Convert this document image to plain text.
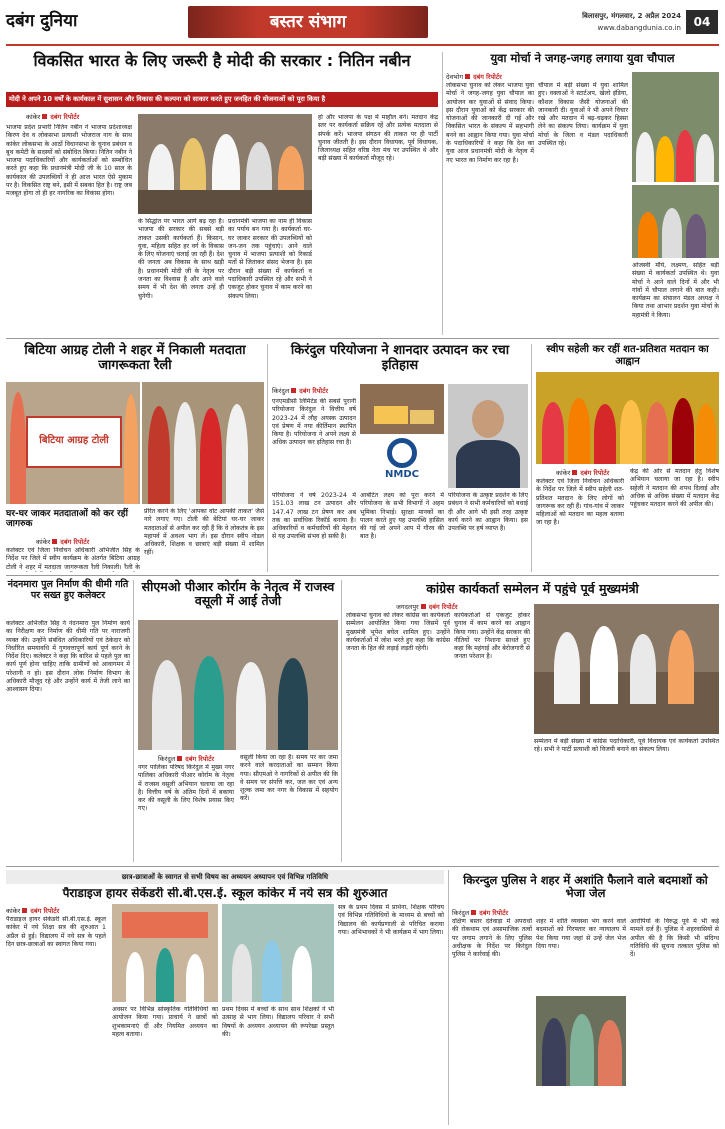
दबंग दुनिया	बस्तर संभाग	बिलासपुर, मंगलवार, 2 अप्रैल 2024
www.dabangdunia.co.in	04
विकसित भारत के लिए जरूरी है मोदी की सरकार : नितिन नबीन
मोदी ने अपने 10 वर्षों के कार्यकाल में सुशासन और विकास की कल्पना को साकार करते हुए जनहित की योजनाओं को पूरा किया है
कांकेर दबंग रिपोर्टर
भाजपा प्रदेश प्रभारी नितिन नबीन ने भाजपा प्रदेशाध्यक्ष किरण देव व लोकसभा प्रत्याशी भोजराज नाग के साथ कांकेर लोकसभा के आठों विधानसभा के चुनाव प्रबंधन व बूथ कमेटी के सदस्यों को संबोधित किया। नितिन नबीन ने भाजपा पदाधिकारियों और कार्यकर्ताओं को सम्बोधित करते हुए कहा कि प्रधानमंत्री मोदी जी के 10 साल के कार्यकाल की उपलब्धियों ने ही आज भारत ऐसे मुकाम पर है। विकसित राष्ट्र बने, इसी में सबका हित है। राष्ट्र जब मजबूत होगा तो ही हर नागरिक का विकास होगा।
के सिद्धांत पर भारत आगे बढ़ रहा है। भाजपा की सरकार की सबसे बड़ी ताकत उसकी कार्यकर्ता हैं। किसान, युवा, महिला सहित हर वर्ग के विकास के लिए योजनाएं चलाई जा रही हैं। देश की जनता अब विकास के साथ खड़ी है। प्रधानमंत्री मोदी जी के नेतृत्व पर जनता का विश्वास है और आने वाले समय में भी देश की जनता उन्हें ही चुनेगी।
प्रधानमंत्री भाजपा का नाम ही विकास का पर्याय बन गया है। कार्यकर्ता घर-घर जाकर सरकार की उपलब्धियों को जन-जन तक पहुंचाएं। आने वाले चुनाव में भाजपा प्रत्याशी को रिकार्ड मतों से जिताकर संसद भेजना है। इस दौरान बड़ी संख्या में कार्यकर्ता व पदाधिकारी उपस्थित रहे और सभी ने एकजुट होकर चुनाव में काम करने का संकल्प लिया।
हो और भाजपा के पक्ष में माहौल बने। मतदान केंद्र स्तर पर कार्यकर्ता सक्रिय रहें और प्रत्येक मतदाता से संपर्क करें। भाजपा संगठन की ताकत पर ही पार्टी चुनाव जीतती है। इस दौरान विधायक, पूर्व विधायक, जिलाध्यक्ष सहित वरिष्ठ नेता मंच पर उपस्थित थे और बड़ी संख्या में कार्यकर्ता मौजूद रहे।
युवा मोर्चा ने जगह-जगह लगाया युवा चौपाल
देवभोग दबंग रिपोर्टर
लोकसभा चुनाव को लेकर भाजपा युवा मोर्चा ने जगह-जगह युवा चौपाल का आयोजन कर युवाओं से संवाद किया। इस दौरान युवाओं को केंद्र सरकार की योजनाओं की जानकारी दी गई और विकसित भारत के संकल्प में सहभागी बनने का आह्वान किया गया। युवा मोर्चा के पदाधिकारियों ने कहा कि देश का युवा आज प्रधानमंत्री मोदी के नेतृत्व में नए भारत का निर्माण कर रहा है।
चौपाल में बड़ी संख्या में युवा शामिल हुए। वक्ताओं ने स्टार्टअप, खेलो इंडिया, कौशल विकास जैसी योजनाओं की जानकारी दी। युवाओं ने भी अपने विचार रखे और मतदान में बढ़-चढ़कर हिस्सा लेने का संकल्प लिया। कार्यक्रम में युवा मोर्चा के जिला व मंडल पदाधिकारी उपस्थित रहे।
ओजस्वी मौर्य, लक्ष्मण, सहित बड़ी संख्या में कार्यकर्ता उपस्थित थे। युवा मोर्चा ने आने वाले दिनों में और भी गांवों में चौपाल लगाने की बात कही। कार्यक्रम का संचालन मंडल अध्यक्ष ने किया तथा आभार प्रदर्शन युवा मोर्चा के महामंत्री ने किया।
बिटिया आग्रह टोली ने शहर में निकाली मतदाता जागरूकता रैली
बिटिया आग्रह टोली
घर-घर जाकर मतदाताओं को कर रहीं जागरुक
कांकेर दबंग रिपोर्टर
कलेक्टर एवं जिला निर्वाचन अधिकारी अभिजीत सिंह के निर्देश पर जिले में स्वीप कार्यक्रम के अंतर्गत बिटिया आग्रह टोली ने शहर में मतदाता जागरूकता रैली निकाली। रैली के
प्रेरित करने के लिए 'आपका वोट आपकी ताकत' जैसे नारे लगाए गए। टोली की बेटियां घर-घर जाकर मतदाताओं से अपील कर रही हैं कि वे लोकतंत्र के इस महापर्व में अवश्य भाग लें। इस दौरान स्वीप नोडल अधिकारी, शिक्षक व छात्राएं बड़ी संख्या में शामिल रहीं।
किरंदुल परियोजना ने शानदार उत्पादन कर रचा इतिहास
किरंदुल दबंग रिपोर्टर
NMDC
एनएमडीसी लिमिटेड की सबसे पुरानी परियोजना किरंदुल ने वित्तीय वर्ष 2023-24 में लौह अयस्क उत्पादन एवं प्रेषण में नया कीर्तिमान स्थापित किया है। परियोजना ने अपने लक्ष्य से अधिक उत्पादन कर इतिहास रचा है।
परियोजना ने वर्ष 2023-24 में 151.03 लाख टन उत्पादन और 147.47 लाख टन प्रेषण कर अब तक का सर्वाधिक रिकॉर्ड बनाया है। अधिकारियों व कर्मचारियों की मेहनत से यह उपलब्धि संभव हो सकी है।
आबंटित लक्ष्य को पूरा करने में परियोजना के सभी विभागों ने अहम भूमिका निभाई। सुरक्षा मानकों का पालन करते हुए यह उपलब्धि हासिल की गई जो अपने आप में गौरव की बात है।
परियोजना के उत्कृष्ट प्रदर्शन के लिए प्रबंधन ने सभी कर्मचारियों को बधाई दी और आगे भी इसी तरह उत्कृष्ट कार्य करने का आह्वान किया। इस उपलब्धि पर हर्ष व्याप्त है।
स्वीप सहेली कर रहीं शत-प्रतिशत मतदान का आह्वान
कांकेर दबंग रिपोर्टर
कलेक्टर एवं जिला निर्वाचन अधिकारी के निर्देश पर जिले में स्वीप सहेली शत-प्रतिशत मतदान के लिए लोगों को जागरूक कर रही हैं। गांव-गांव में जाकर महिलाओं को मतदान का महत्व बताया जा रहा है।
केंद्र की ओर से मतदान हेतु विशेष अभियान चलाया जा रहा है। स्वीप सहेली ने मतदान की शपथ दिलाई और अधिक से अधिक संख्या में मतदान केंद्र पहुंचकर मतदान करने की अपील की।
नंदनमारा पुल निर्माण की धीमी गति पर सख्त हुए कलेक्टर
कलेक्टर अभिजीत सिंह ने नंदनमारा पुल निर्माण कार्य का निरीक्षण कर निर्माण की धीमी गति पर नाराजगी व्यक्त की। उन्होंने संबंधित अधिकारियों एवं ठेकेदार को निर्धारित समयावधि में गुणवत्तापूर्ण कार्य पूर्ण करने के निर्देश दिए। कलेक्टर ने कहा कि बारिश से पहले पुल का कार्य पूर्ण होना चाहिए ताकि ग्रामीणों को आवागमन में परेशानी न हो। इस दौरान लोक निर्माण विभाग के अधिकारी मौजूद रहे और उन्होंने कार्य में तेजी लाने का आश्वासन दिया।
सीएमओ पीआर कोर्राम के नेतृत्व में राजस्व वसूली में आई तेजी
किरंदुल दबंग रिपोर्टर
नगर पालिका परिषद किरंदुल में मुख्य नगर पालिका अधिकारी पीआर कोर्राम के नेतृत्व में राजस्व वसूली अभियान चलाया जा रहा है। वित्तीय वर्ष के अंतिम दिनों में बकाया कर की वसूली के लिए विशेष प्रयास किए गए।
वसूली किया जा रहा है। समय पर कर जमा करने वाले करदाताओं का सम्मान किया गया। सीएमओ ने नागरिकों से अपील की कि वे समय पर संपत्ति कर, जल कर एवं अन्य शुल्क जमा कर नगर के विकास में सहयोग करें।
कांग्रेस कार्यकर्ता सम्मेलन में पहुंचे पूर्व मुख्यमंत्री
जगदलपुर दबंग रिपोर्टर
लोकसभा चुनाव को लेकर कांग्रेस का कार्यकर्ता सम्मेलन आयोजित किया गया जिसमें पूर्व मुख्यमंत्री भूपेश बघेल शामिल हुए। उन्होंने कार्यकर्ताओं में जोश भरते हुए कहा कि कांग्रेस जनता के हित की लड़ाई लड़ती रहेगी।
कार्यकर्ताओं से एकजुट होकर चुनाव में काम करने का आह्वान किया गया। उन्होंने केंद्र सरकार की नीतियों पर निशाना साधते हुए कहा कि महंगाई और बेरोजगारी से जनता परेशान है।
सम्मेलन में बड़ी संख्या में कांग्रेस पदाधिकारी, पूर्व विधायक एवं कार्यकर्ता उपस्थित रहे। सभी ने पार्टी प्रत्याशी को विजयी बनाने का संकल्प लिया।
छात्र-छात्राओं के स्वागत से सभी विषय का अध्ययन अध्यापन एवं विभिन्न गतिविधि
पैराडाइज हायर सेकेंडरी सी.बी.एस.ई. स्कूल कांकेर में नये सत्र की शुरुआत
कांकेर दबंग रिपोर्टर
पैराडाइज हायर सेकेंडरी सी.बी.एस.ई. स्कूल कांकेर में नये शिक्षा सत्र की शुरुआत 1 अप्रैल से हुई। विद्यालय में नये सत्र के पहले दिन छात्र-छात्राओं का स्वागत किया गया।
अवसर पर विभिन्न सांस्कृतिक गतिविधियों का आयोजन किया गया। प्राचार्य ने छात्रों को शुभकामनाएं दीं और नियमित अध्ययन का महत्व बताया।
प्रथम दिवस में बच्चों के साथ साथ शिक्षकों ने भी उत्साह से भाग लिया। विद्यालय परिवार ने सभी विषयों के अध्ययन अध्यापन की रूपरेखा प्रस्तुत की।
सत्र के प्रथम दिवस में प्रार्थना, शिक्षक परिचय एवं विभिन्न गतिविधियों के माध्यम से बच्चों को विद्यालय की कार्यप्रणाली से परिचित कराया गया। अभिभावकों ने भी कार्यक्रम में भाग लिया।
किरन्दुल पुलिस ने शहर में अशांति फैलाने वाले बदमाशों को भेजा जेल
किरंदुल दबंग रिपोर्टर
दक्षिण बस्तर दंतेवाड़ा में अपराधों की रोकथाम एवं असामाजिक तत्वों पर लगाम लगाने के लिए पुलिस अधीक्षक के निर्देश पर किरंदुल पुलिस ने कार्रवाई की।
शहर में शांति व्यवस्था भंग करने वाले बदमाशों को गिरफ्तार कर न्यायालय में पेश किया गया जहां से उन्हें जेल भेज दिया गया।
आरोपियों के विरुद्ध पूर्व में भी कई मामले दर्ज हैं। पुलिस ने शहरवासियों से अपील की है कि किसी भी संदिग्ध गतिविधि की सूचना तत्काल पुलिस को दें।
